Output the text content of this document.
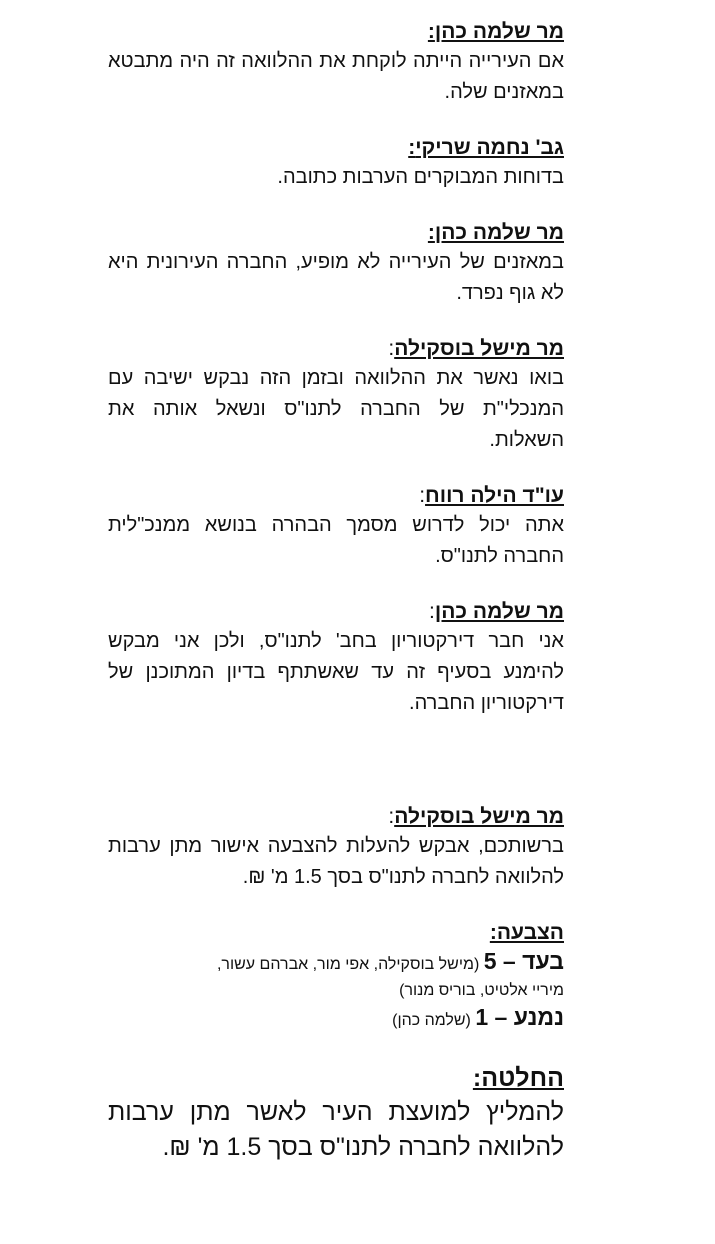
מר שלמה כהן:
אם העירייה הייתה לוקחת את ההלוואה זה היה מתבטא במאזנים שלה.
גב' נחמה שריקי:
בדוחות המבוקרים הערבות כתובה.
מר שלמה כהן:
במאזנים של העירייה לא מופיע, החברה העירונית היא לא גוף נפרד.
מר מישל בוסקילה:
בואו נאשר את ההלוואה ובזמן הזה נבקש ישיבה עם המנכלי"ת של החברה לתנו"ס ונשאל אותה את השאלות.
עו"ד הילה רווח:
אתה יכול לדרוש מסמך הבהרה בנושא ממנכ"לית החברה לתנו"ס.
מר שלמה כהן:
אני חבר דירקטוריון בחב' לתנו"ס, ולכן אני מבקש להימנע בסעיף זה עד שאשתתף בדיון המתוכנן של דירקטוריון החברה.
מר מישל בוסקילה:
ברשותכם, אבקש להעלות להצבעה אישור מתן ערבות להלוואה לחברה לתנו"ס בסך 1.5 מ' ₪.
הצבעה:
בעד – 5 (מישל בוסקילה, אפי מור, אברהם עשור,
מיריי אלטיט, בוריס מנור)
נמנע – 1 (שלמה כהן)
החלטה:
להמליץ למועצת העיר לאשר מתן ערבות להלוואה לחברה לתנו"ס בסך 1.5 מ' ₪.
